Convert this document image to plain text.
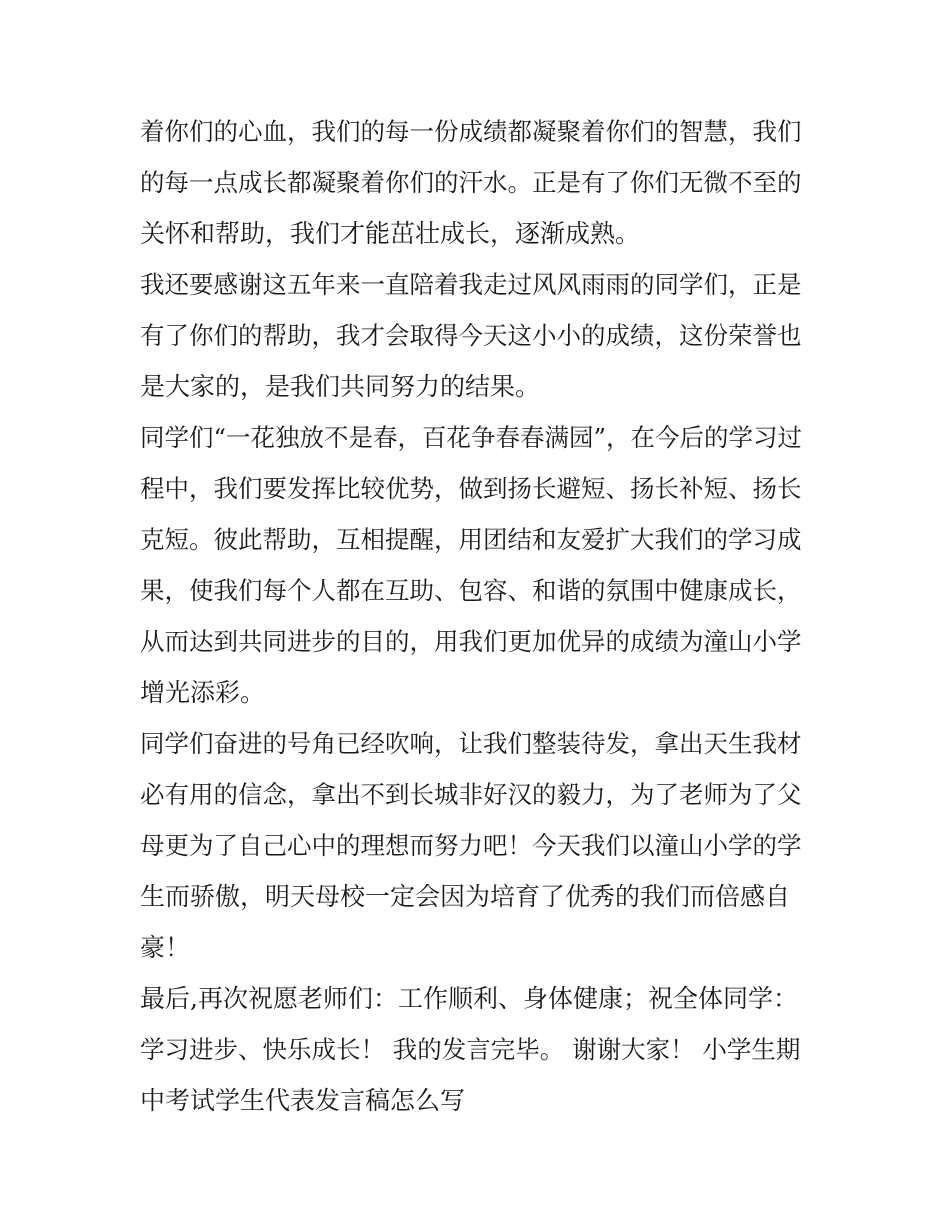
着你们的心血，我们的每一份成绩都凝聚着你们的智慧，我们
的每一点成长都凝聚着你们的汗水。正是有了你们无微不至的
关怀和帮助，我们才能茁壮成长，逐渐成熟。
我还要感谢这五年来一直陪着我走过风风雨雨的同学们，正是
有了你们的帮助，我才会取得今天这小小的成绩，这份荣誉也
是大家的，是我们共同努力的结果。
同学们“一花独放不是春，百花争春春满园”，在今后的学习过
程中，我们要发挥比较优势，做到扬长避短、扬长补短、扬长
克短。彼此帮助，互相提醒，用团结和友爱扩大我们的学习成
果，使我们每个人都在互助、包容、和谐的氛围中健康成长，
从而达到共同进步的目的，用我们更加优异的成绩为潼山小学
增光添彩。
同学们奋进的号角已经吹响，让我们整装待发，拿出天生我材
必有用的信念，拿出不到长城非好汉的毅力，为了老师为了父
母更为了自己心中的理想而努力吧！今天我们以潼山小学的学
生而骄傲，明天母校一定会因为培育了优秀的我们而倍感自
豪！
最后,再次祝愿老师们：工作顺利、身体健康；祝全体同学：
学习进步、快乐成长！ 我的发言完毕。 谢谢大家！ 小学生期
中考试学生代表发言稿怎么写
